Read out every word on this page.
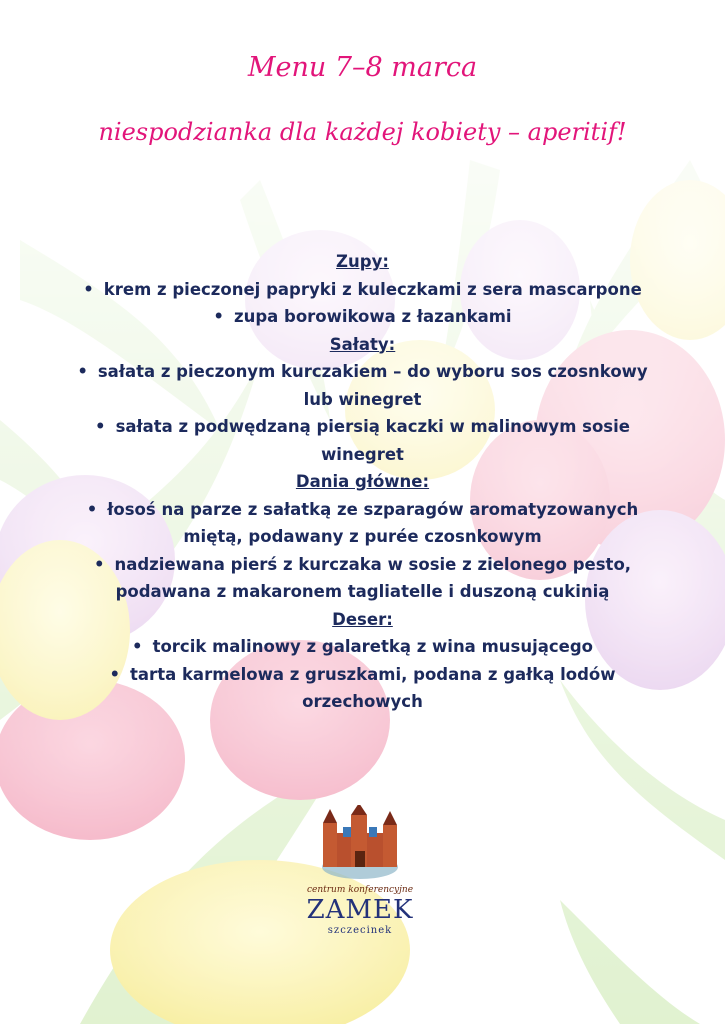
Menu 7–8 marca
niespodzianka dla każdej kobiety – aperitif!
Zupy:
• krem z pieczonej papryki z kuleczkami z sera mascarpone
• zupa borowikowa z łazankami
Sałaty:
• sałata z pieczonym kurczakiem – do wyboru sos czosnkowy lub winegret
• sałata z podwędzaną piersią kaczki w malinowym sosie winegret
Dania główne:
• łosoś na parze z sałatką ze szparagów aromatyzowanych miętą, podawany z purée czosnkowym
• nadziewana pierś z kurczaka w sosie z zielonego pesto, podawana z makaronem tagliatelle i duszoną cukinią
Deser:
• torcik malinowy z galaretką z wina musującego
• tarta karmelowa z gruszkami, podana z gałką lodów orzechowych
centrum konferencyjne
ZAMEK
szczecinek
